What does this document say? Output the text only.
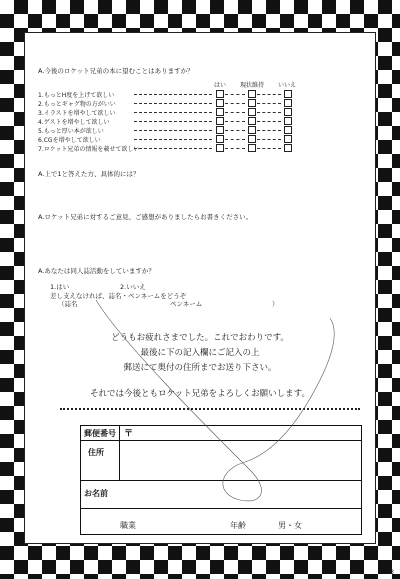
A.今後のロケット兄弟の本に望むことはありますか？
はい 現状維持 いいえ
1.もっとH度を上げて欲しい
2.もっとギャグ物の方がいい
3.イラストを増やして欲しい
4.ゲストを増やして欲しい
5.もっと厚い本が欲しい
6.CGを増やして欲しい
7.ロケット兄弟の情報を載せて欲しい
A.上で1と答えた方、具体的には？
A.ロケット兄弟に対するご意見、ご感想がありましたらお書きください。
A.あなたは同人誌活動をしていますか？
1.はい	2.いいえ
差し支えなければ、誌名・ペンネームをどうぞ
（誌名	ペンネーム	）
どうもお疲れさまでした。これでおわりです。
最後に下の記入欄にご記入の上
郵送にて奥付の住所までお送り下さい。
それでは今後ともロケット兄弟をよろしくお願いします。
郵便番号 〒
住所
お名前
職業	年齢	男・女
33
